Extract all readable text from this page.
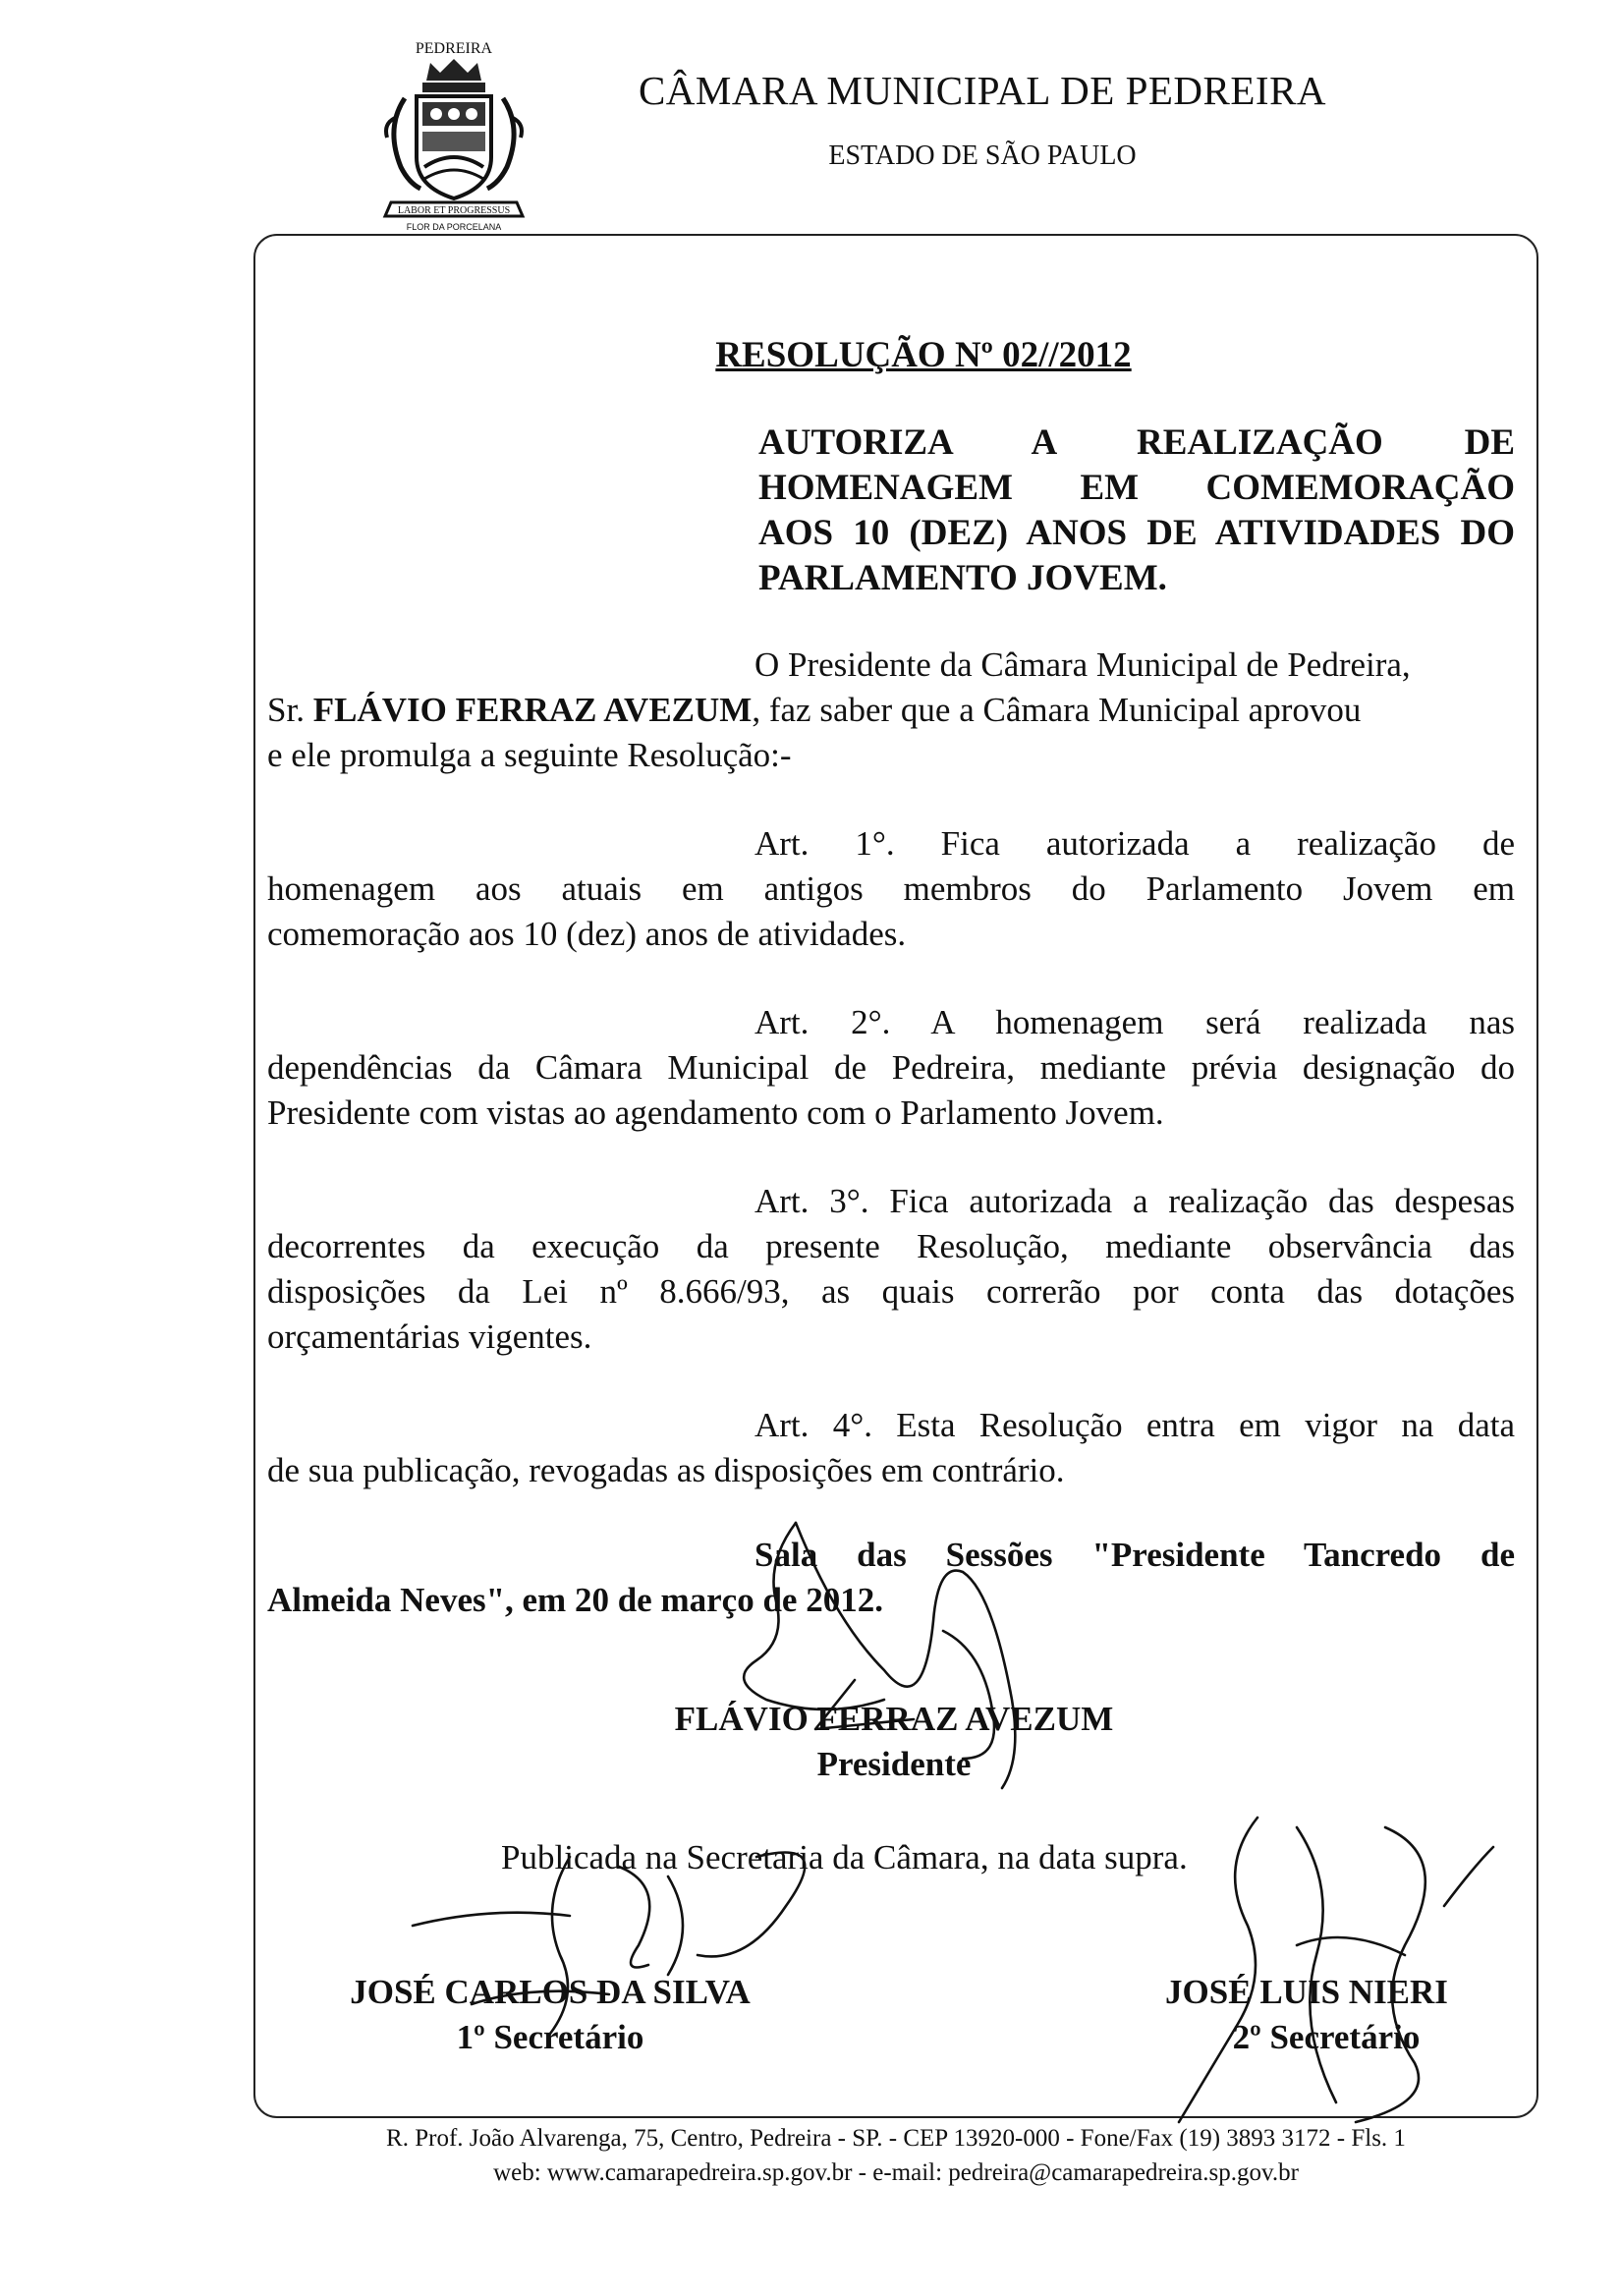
PEDREIRA
LABOR ET PROGRESSUS
FLOR DA PORCELANA
CÂMARA MUNICIPAL DE PEDREIRA
ESTADO DE SÃO PAULO
RESOLUÇÃO Nº 02//2012
AUTORIZA A REALIZAÇÃO DE
HOMENAGEM EM COMEMORAÇÃO
AOS 10 (DEZ) ANOS DE ATIVIDADES DO
PARLAMENTO JOVEM.
O Presidente da Câmara Municipal de Pedreira,
Sr. FLÁVIO FERRAZ AVEZUM, faz saber que a Câmara Municipal aprovou
e ele promulga a seguinte Resolução:-
Art. 1°. Fica autorizada a realização de
homenagem aos atuais em antigos membros do Parlamento Jovem em
comemoração aos 10 (dez) anos de atividades.
Art. 2°. A homenagem será realizada nas
dependências da Câmara Municipal de Pedreira, mediante prévia designação do
Presidente com vistas ao agendamento com o Parlamento Jovem.
Art. 3°. Fica autorizada a realização das despesas
decorrentes da execução da presente Resolução, mediante observância das
disposições da Lei nº 8.666/93, as quais correrão por conta das dotações
orçamentárias vigentes.
Art. 4°. Esta Resolução entra em vigor na data
de sua publicação, revogadas as disposições em contrário.
Sala das Sessões "Presidente Tancredo de
Almeida Neves", em 20 de março de 2012.
FLÁVIO FERRAZ AVEZUM
Presidente
Publicada na Secretaria da Câmara, na data supra.
JOSÉ CARLOS DA SILVA
1º Secretário
JOSÉ LUIS NIERI
2º Secretário
R. Prof. João Alvarenga, 75, Centro, Pedreira - SP. - CEP 13920-000 - Fone/Fax (19) 3893 3172 - Fls. 1
web: www.camarapedreira.sp.gov.br - e-mail: pedreira@camarapedreira.sp.gov.br
